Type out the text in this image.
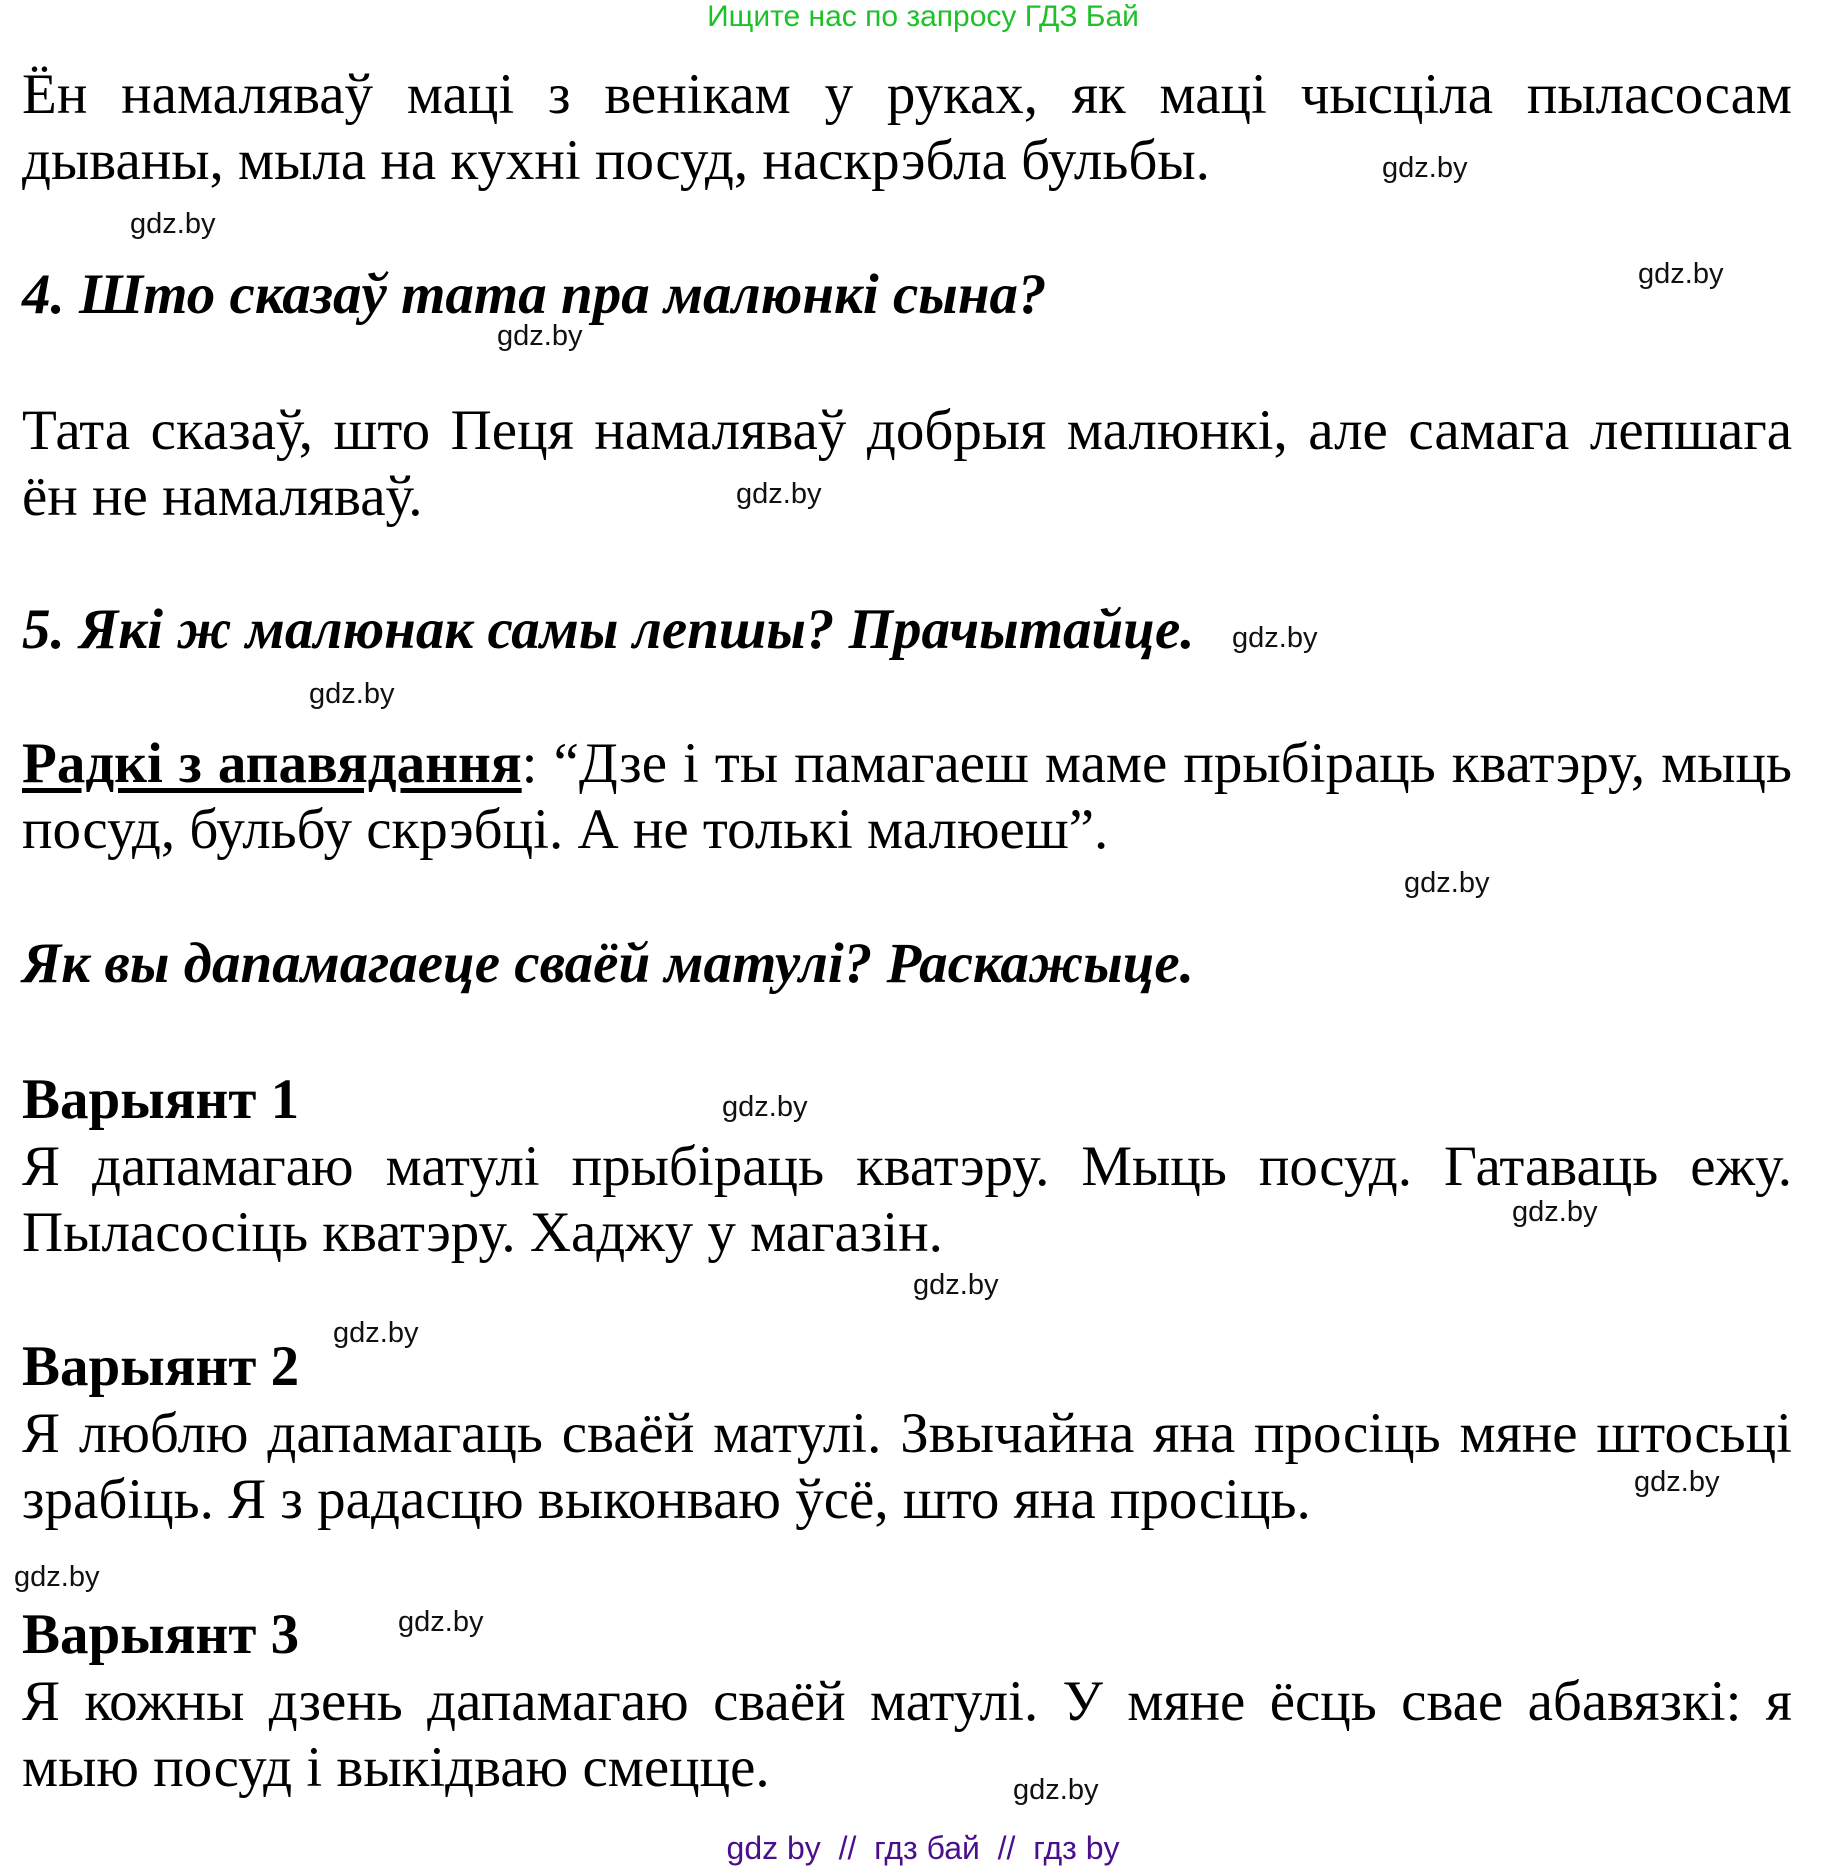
Ищите нас по запросу ГДЗ Бай
Ён намаляваў маці з венікам у руках, як маці чысціла пыласосам дываны, мыла на кухні посуд, наскрэбла бульбы.
4. Што сказаў тата пра малюнкі сына?
Тата сказаў, што Пеця намаляваў добрыя малюнкі, але самага лепшага ён не намаляваў.
5. Які ж малюнак самы лепшы? Прачытайце.
Радкі з апавядання: “Дзе і ты памагаеш маме прыбіраць кватэру, мыць посуд, бульбу скрэбці. А не толькі малюеш”.
Як вы дапамагаеце сваёй матулі? Раскажыце.
Варыянт 1
Я дапамагаю матулі прыбіраць кватэру. Мыць посуд. Гатаваць ежу. Пыласосіць кватэру. Хаджу у магазін.
Варыянт 2
Я люблю дапамагаць сваёй матулі. Звычайна яна просіць мяне штосьці зрабіць. Я з радасцю выконваю ўсё, што яна просіць.
Варыянт 3
Я кожны дзень дапамагаю сваёй матулі. У мяне ёсць свае абавязкі: я мыю посуд і выкідваю смецце.
gdz.by
gdz.by
gdz.by
gdz.by
gdz.by
gdz.by
gdz.by
gdz.by
gdz.by
gdz.by
gdz.by
gdz.by
gdz.by
gdz.by
gdz.by
gdz.by
gdz by  //  гдз бай  //  гдз by
